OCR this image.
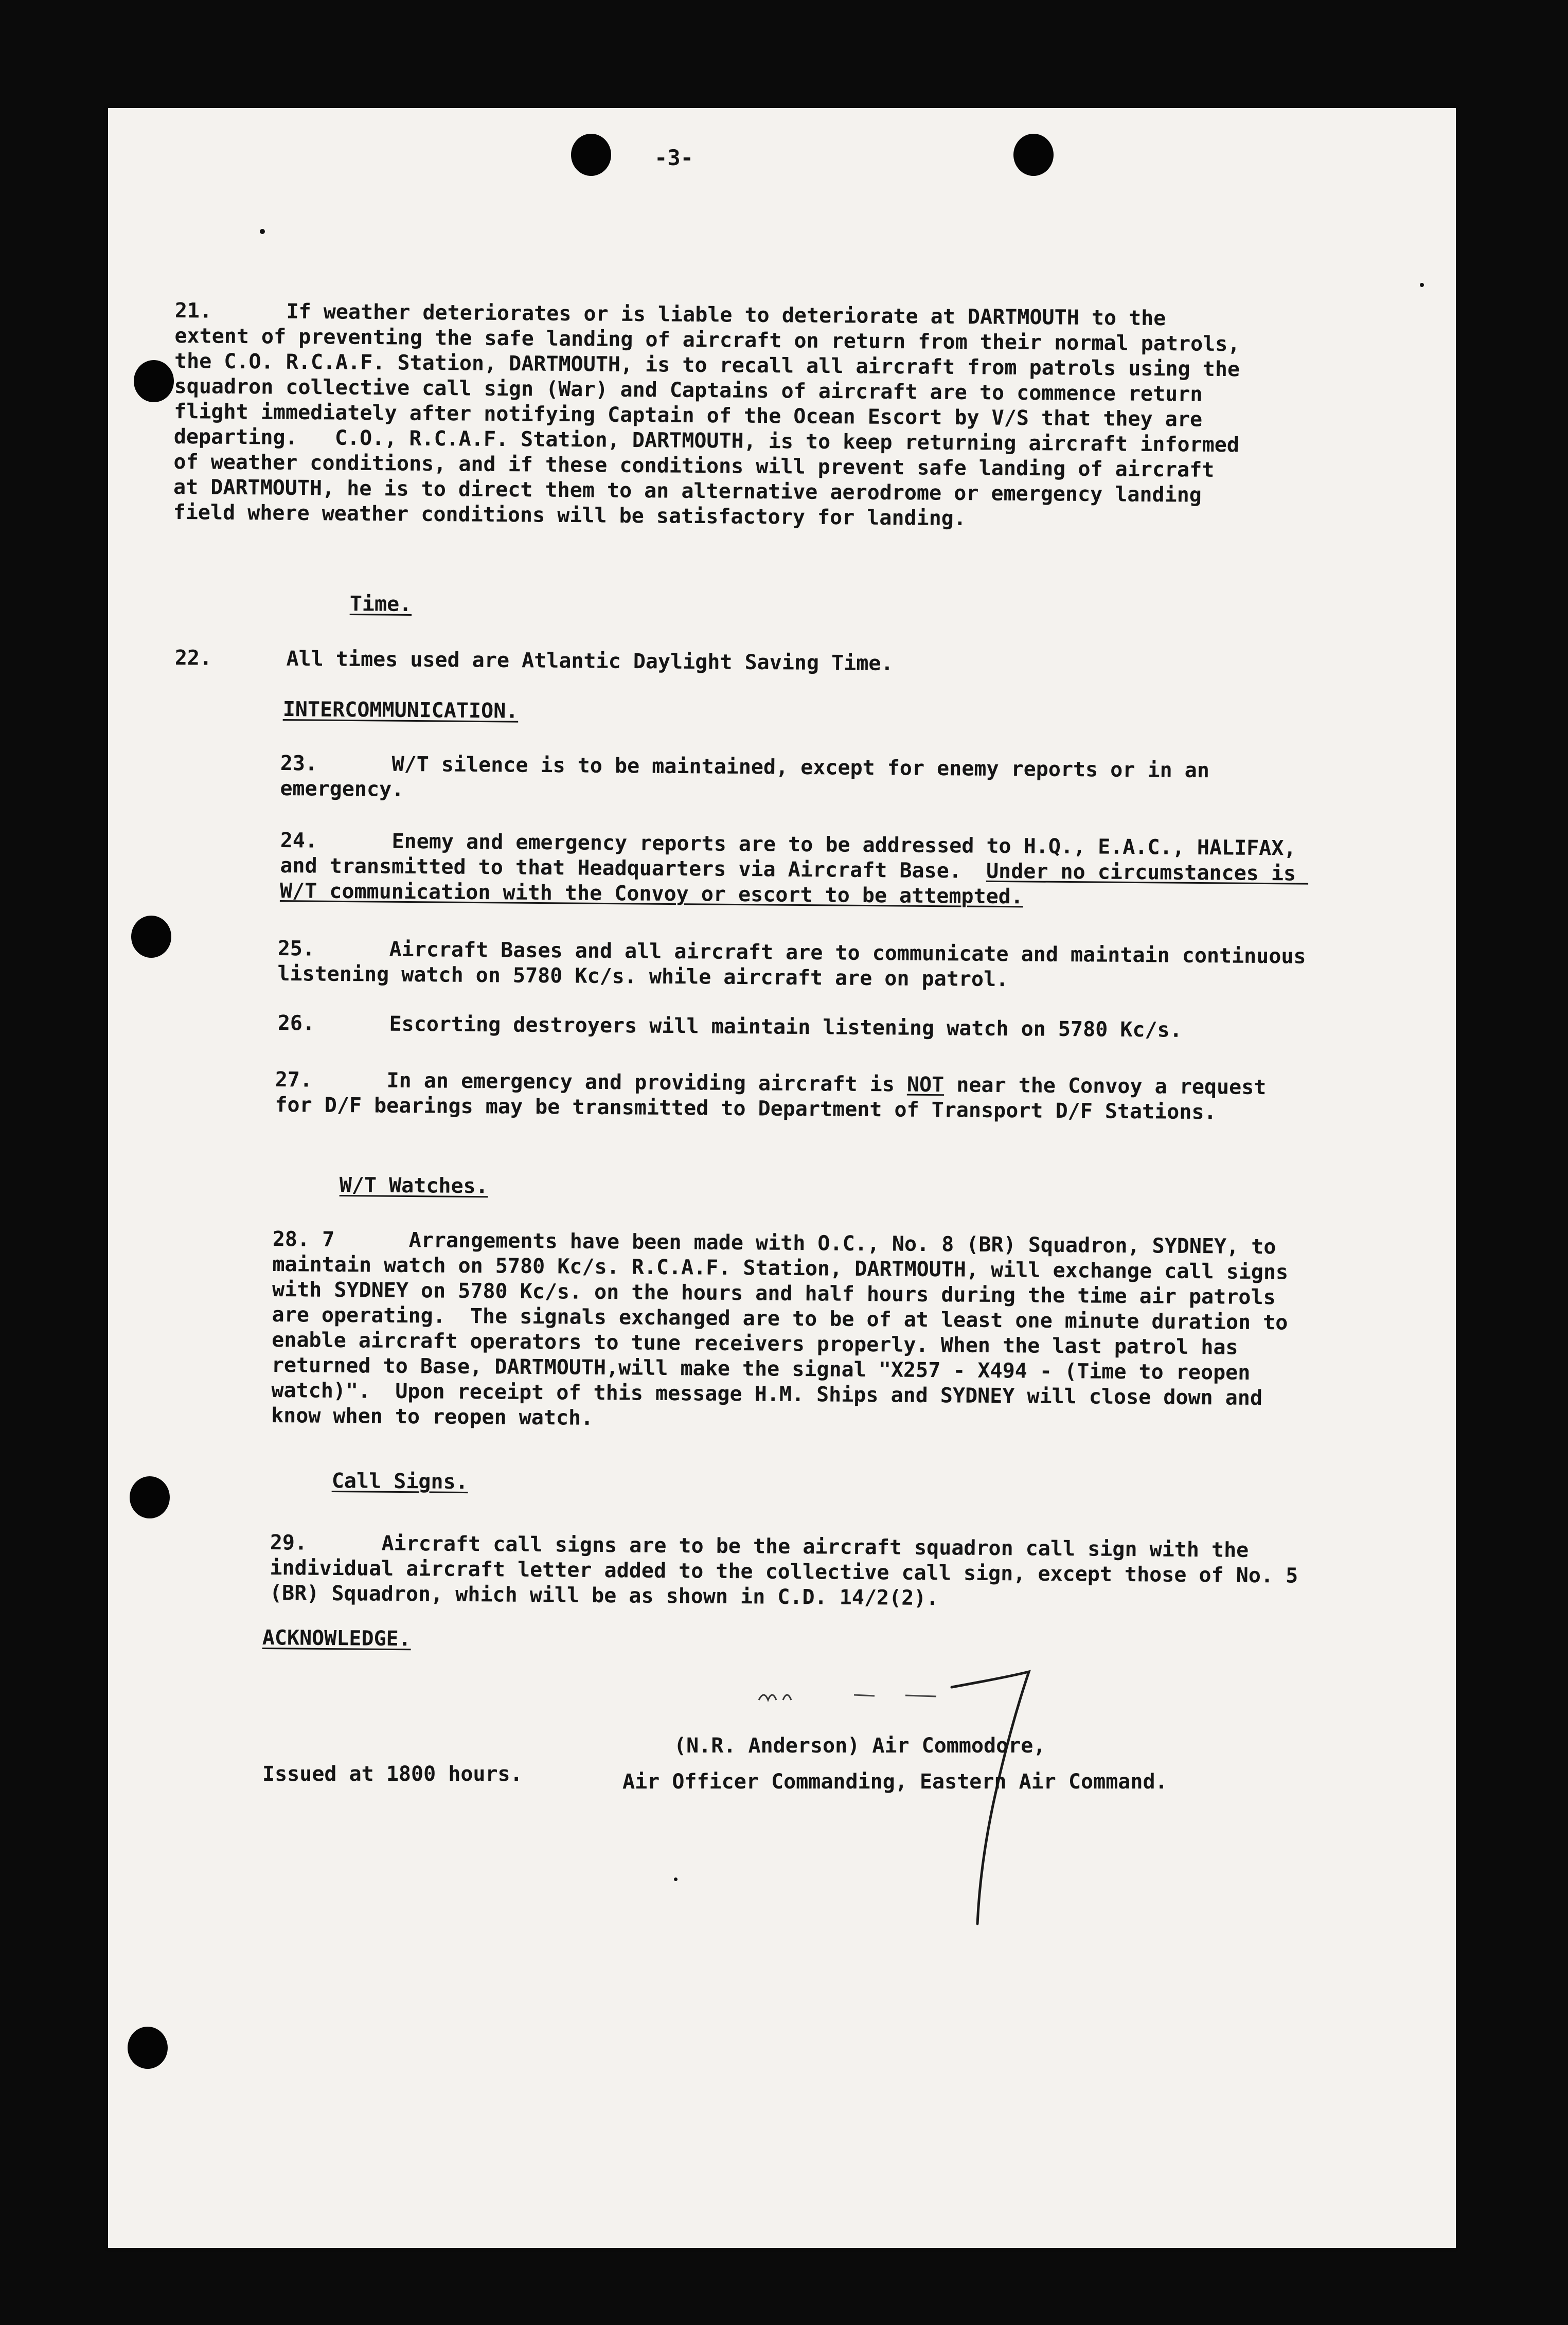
-3-

21.	If weather deteriorates or is liable to deteriorate at DARTMOUTH to the extent of preventing the safe landing of aircraft on return from their normal patrols, the C.O. R.C.A.F. Station, DARTMOUTH, is to recall all aircraft from patrols using the squadron collective call sign (War) and Captains of aircraft are to commence return flight immediately after notifying Captain of the Ocean Escort by V/S that they are departing.   C.O., R.C.A.F. Station, DARTMOUTH, is to keep returning aircraft informed of weather conditions, and if these conditions will prevent safe landing of aircraft at DARTMOUTH, he is to direct them to an alternative aerodrome or emergency landing field where weather conditions will be satisfactory for landing.

Time.

22.	All times used are Atlantic Daylight Saving Time.

INTERCOMMUNICATION.

23.	W/T silence is to be maintained, except for enemy reports or in an emergency.

24.	Enemy and emergency reports are to be addressed to H.Q., E.A.C., HALIFAX, and transmitted to that Headquarters via Aircraft Base. Under no circumstances is W/T communication with the Convoy or escort to be attempted.

25.	Aircraft Bases and all aircraft are to communicate and maintain continuous listening watch on 5780 Kc/s. while aircraft are on patrol.

26.	Escorting destroyers will maintain listening watch on 5780 Kc/s.

27.	In an emergency and providing aircraft is NOT near the Convoy a request for D/F bearings may be transmitted to Department of Transport D/F Stations.

W/T Watches.

28. 7	Arrangements have been made with O.C., No. 8 (BR) Squadron, SYDNEY, to maintain watch on 5780 Kc/s. R.C.A.F. Station, DARTMOUTH, will exchange call signs with SYDNEY on 5780 Kc/s. on the hours and half hours during the time air patrols are operating.  The signals exchanged are to be of at least one minute duration to enable aircraft operators to tune receivers properly. When the last patrol has returned to Base, DARTMOUTH,will make the signal "X257 - X494 - (Time to reopen watch)".  Upon receipt of this message H.M. Ships and SYDNEY will close down and know when to reopen watch.

Call Signs.

29.	Aircraft call signs are to be the aircraft squadron call sign with the individual aircraft letter added to the collective call sign, except those of No. 5 (BR) Squadron, which will be as shown in C.D. 14/2(2).

ACKNOWLEDGE.
(N.R. Anderson) Air Commodore,
Issued at 1800 hours.	Air Officer Commanding, Eastern Air Command.
